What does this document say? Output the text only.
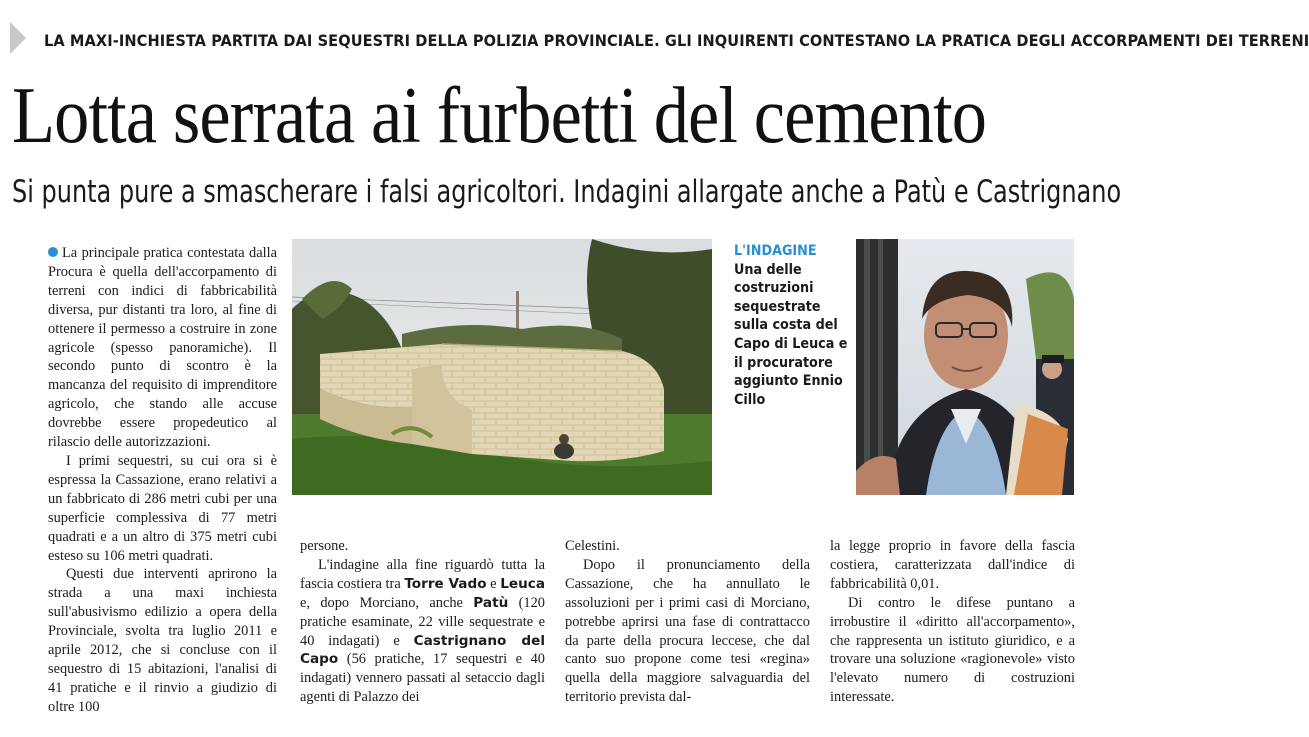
LA MAXI-INCHIESTA PARTITA DAI SEQUESTRI DELLA POLIZIA PROVINCIALE. GLI INQUIRENTI CONTESTANO LA PRATICA DEGLI ACCORPAMENTI DEI TERRENI
Lotta serrata ai furbetti del cemento
Si punta pure a smascherare i falsi agricoltori. Indagini allargate anche a Patù e Castrignano

La principale pratica contestata dalla Procura è quella dell'accorpamento di terreni con indici di fabbricabilità diversa, pur distanti tra loro, al fine di ottenere il permesso a costruire in zone agricole (spesso panoramiche). Il secondo punto di scontro è la mancanza del requisito di imprenditore agricolo, che stando alle accuse dovrebbe essere propedeutico al rilascio delle autorizzazioni.

I primi sequestri, su cui ora si è espressa la Cassazione, erano relativi a un fabbricato di 286 metri cubi per una superficie complessiva di 77 metri quadrati e a un altro di 375 metri cubi esteso su 106 metri quadrati.

Questi due interventi aprirono la strada a una maxi inchiesta sull'abusivismo edilizio a opera della Provinciale, svolta tra luglio 2011 e aprile 2012, che si concluse con il sequestro di 15 abitazioni, l'analisi di 41 pratiche e il rinvio a giudizio di oltre 100

L'INDAGINE
Una delle costruzioni sequestrate sulla costa del Capo di Leuca e il procuratore aggiunto Ennio Cillo

persone.

L'indagine alla fine riguardò tutta la fascia costiera tra Torre Vado e Leuca e, dopo Morciano, anche Patù (120 pratiche esaminate, 22 ville sequestrate e 40 indagati) e Castrignano del Capo (56 pratiche, 17 sequestri e 40 indagati) vennero passati al setaccio dagli agenti di Palazzo dei

Celestini.

Dopo il pronunciamento della Cassazione, che ha annullato le assoluzioni per i primi casi di Morciano, potrebbe aprirsi una fase di contrattacco da parte della procura leccese, che dal canto suo propone come tesi «regina» quella della maggiore salvaguardia del territorio prevista dal-

la legge proprio in favore della fascia costiera, caratterizzata dall'indice di fabbricabilità 0,01.

Di contro le difese puntano a irrobustire il «diritto all'accorpamento», che rappresenta un istituto giuridico, e a trovare una soluzione «ragionevole» visto l'elevato numero di costruzioni interessate.
